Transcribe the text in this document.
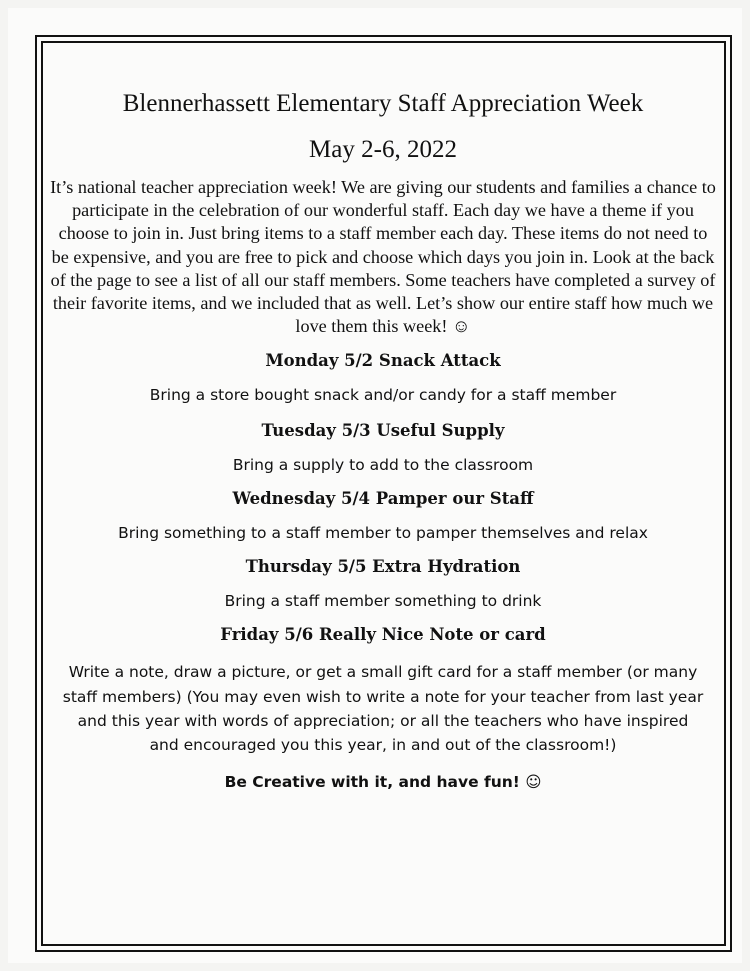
Blennerhassett Elementary Staff Appreciation Week
May 2-6, 2022

It’s national teacher appreciation week! We are giving our students and families a chance to participate in the celebration of our wonderful staff. Each day we have a theme if you choose to join in. Just bring items to a staff member each day. These items do not need to be expensive, and you are free to pick and choose which days you join in. Look at the back of the page to see a list of all our staff members. Some teachers have completed a survey of their favorite items, and we included that as well. Let’s show our entire staff how much we love them this week! ☺

Monday 5/2 Snack Attack

Bring a store bought snack and/or candy for a staff member

Tuesday 5/3 Useful Supply

Bring a supply to add to the classroom

Wednesday 5/4 Pamper our Staff

Bring something to a staff member to pamper themselves and relax

Thursday 5/5 Extra Hydration

Bring a staff member something to drink

Friday 5/6 Really Nice Note or card

Write a note, draw a picture, or get a small gift card for a staff member (or many staff members) (You may even wish to write a note for your teacher from last year and this year with words of appreciation; or all the teachers who have inspired and encouraged you this year, in and out of the classroom!)

Be Creative with it, and have fun! ☺
